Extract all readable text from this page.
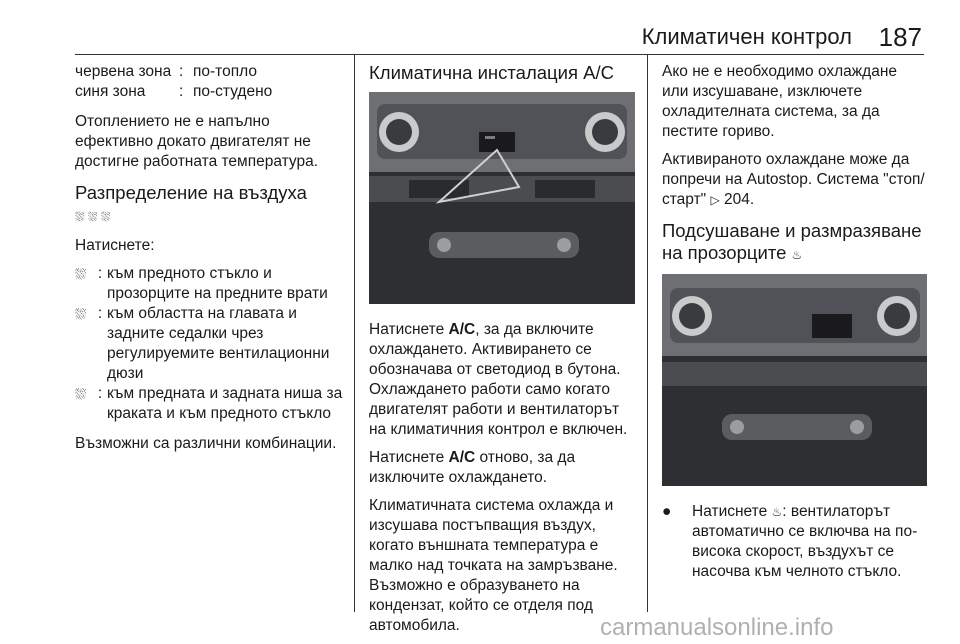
Климатичен контрол 187
червена зона : по-топло
синя зона	: по-студено

Отоплението не е напълно ефективно докато двигателят не достигне работната температура.

Разпределение на въздуха ⛆ ⛆ ⛆

Натиснете:

⛆ : към предното стъкло и прозорците на предните врати
⛆ : към областта на главата и задните седалки чрез регулируемите вентилационни дюзи
⛆ : към предната и задната ниша за краката и към предното стъкло

Възможни са различни комбинации.

Климатична инсталация A/C

Натиснете A/C, за да включите охлаждането. Активирането се обозначава от светодиод в бутона. Охлаждането работи само когато двигателят работи и вентилаторът на климатичния контрол е включен.

Натиснете A/C отново, за да изключите охлаждането.

Климатичната система охлажда и изсушава постъпващия въздух, когато външната температура е малко над точката на замръзване. Възможно е образуването на кондензат, който се отделя под автомобила.

Ако не е необходимо охлаждане или изсушаване, изключете охладителната система, за да пестите гориво.

Активираното охлаждане може да попречи на Autostop. Система "стоп/старт" ▷ 204.

Подсушаване и размразяване на прозорците ♨
●	Натиснете ♨: вентилаторът автоматично се включва на по-висока скорост, въздухът се насочва към челното стъкло.
carmanualsonline.info
